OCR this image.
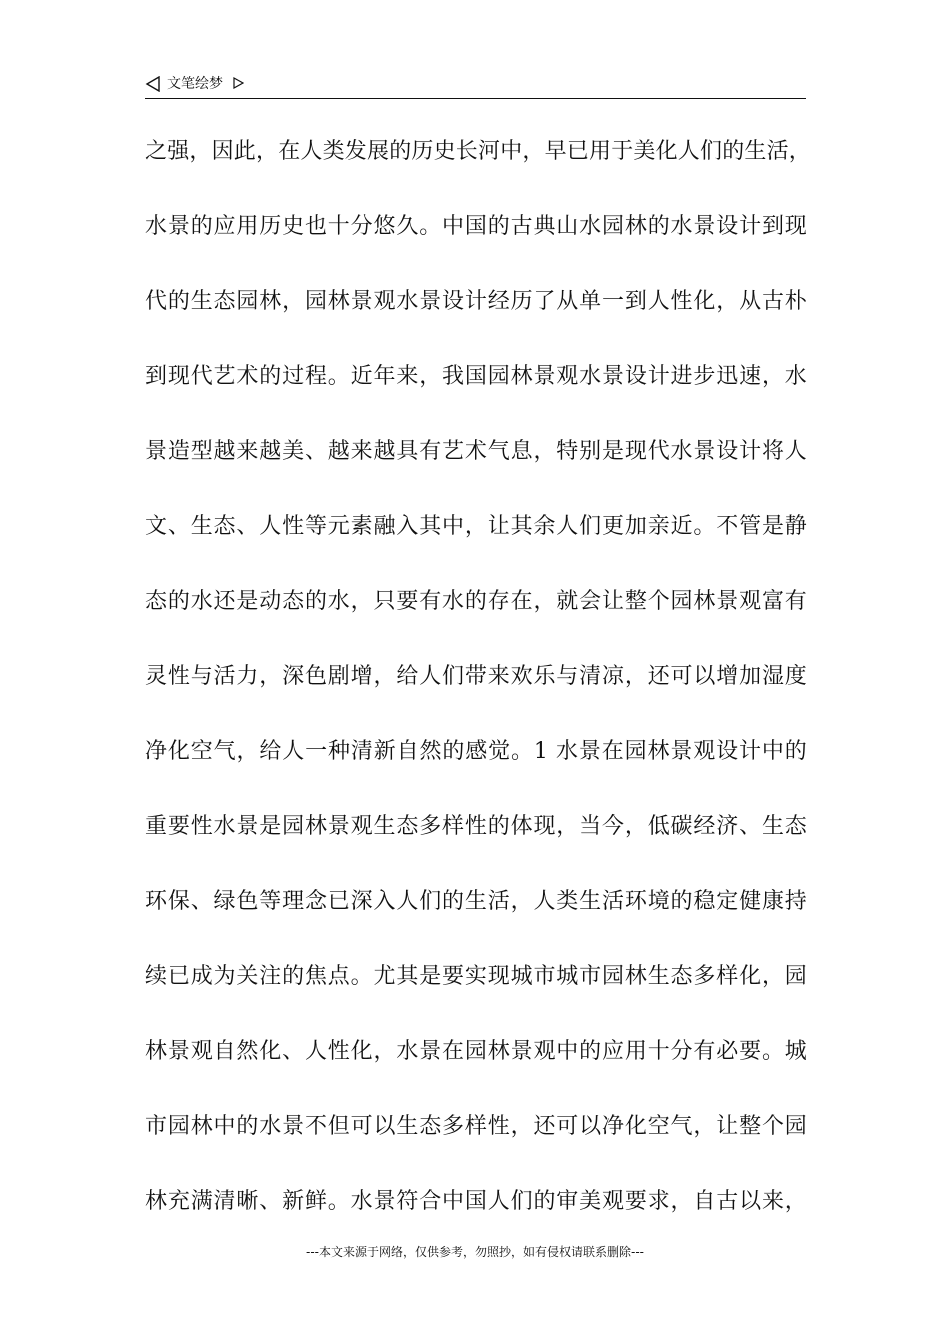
文笔绘梦
之强，因此，在人类发展的历史长河中，早已用于美化人们的生活，
水景的应用历史也十分悠久。中国的古典山水园林的水景设计到现
代的生态园林，园林景观水景设计经历了从单一到人性化，从古朴
到现代艺术的过程。近年来，我国园林景观水景设计进步迅速，水
景造型越来越美、越来越具有艺术气息，特别是现代水景设计将人
文、生态、人性等元素融入其中，让其余人们更加亲近。不管是静
态的水还是动态的水，只要有水的存在，就会让整个园林景观富有
灵性与活力，深色剧增，给人们带来欢乐与清凉，还可以增加湿度
净化空气，给人一种清新自然的感觉。1 水景在园林景观设计中的
重要性水景是园林景观生态多样性的体现，当今，低碳经济、生态
环保、绿色等理念已深入人们的生活，人类生活环境的稳定健康持
续已成为关注的焦点。尤其是要实现城市城市园林生态多样化，园
林景观自然化、人性化，水景在园林景观中的应用十分有必要。城
市园林中的水景不但可以生态多样性，还可以净化空气，让整个园
林充满清晰、新鲜。水景符合中国人们的审美观要求，自古以来，
---本文来源于网络，仅供参考，勿照抄，如有侵权请联系删除---
